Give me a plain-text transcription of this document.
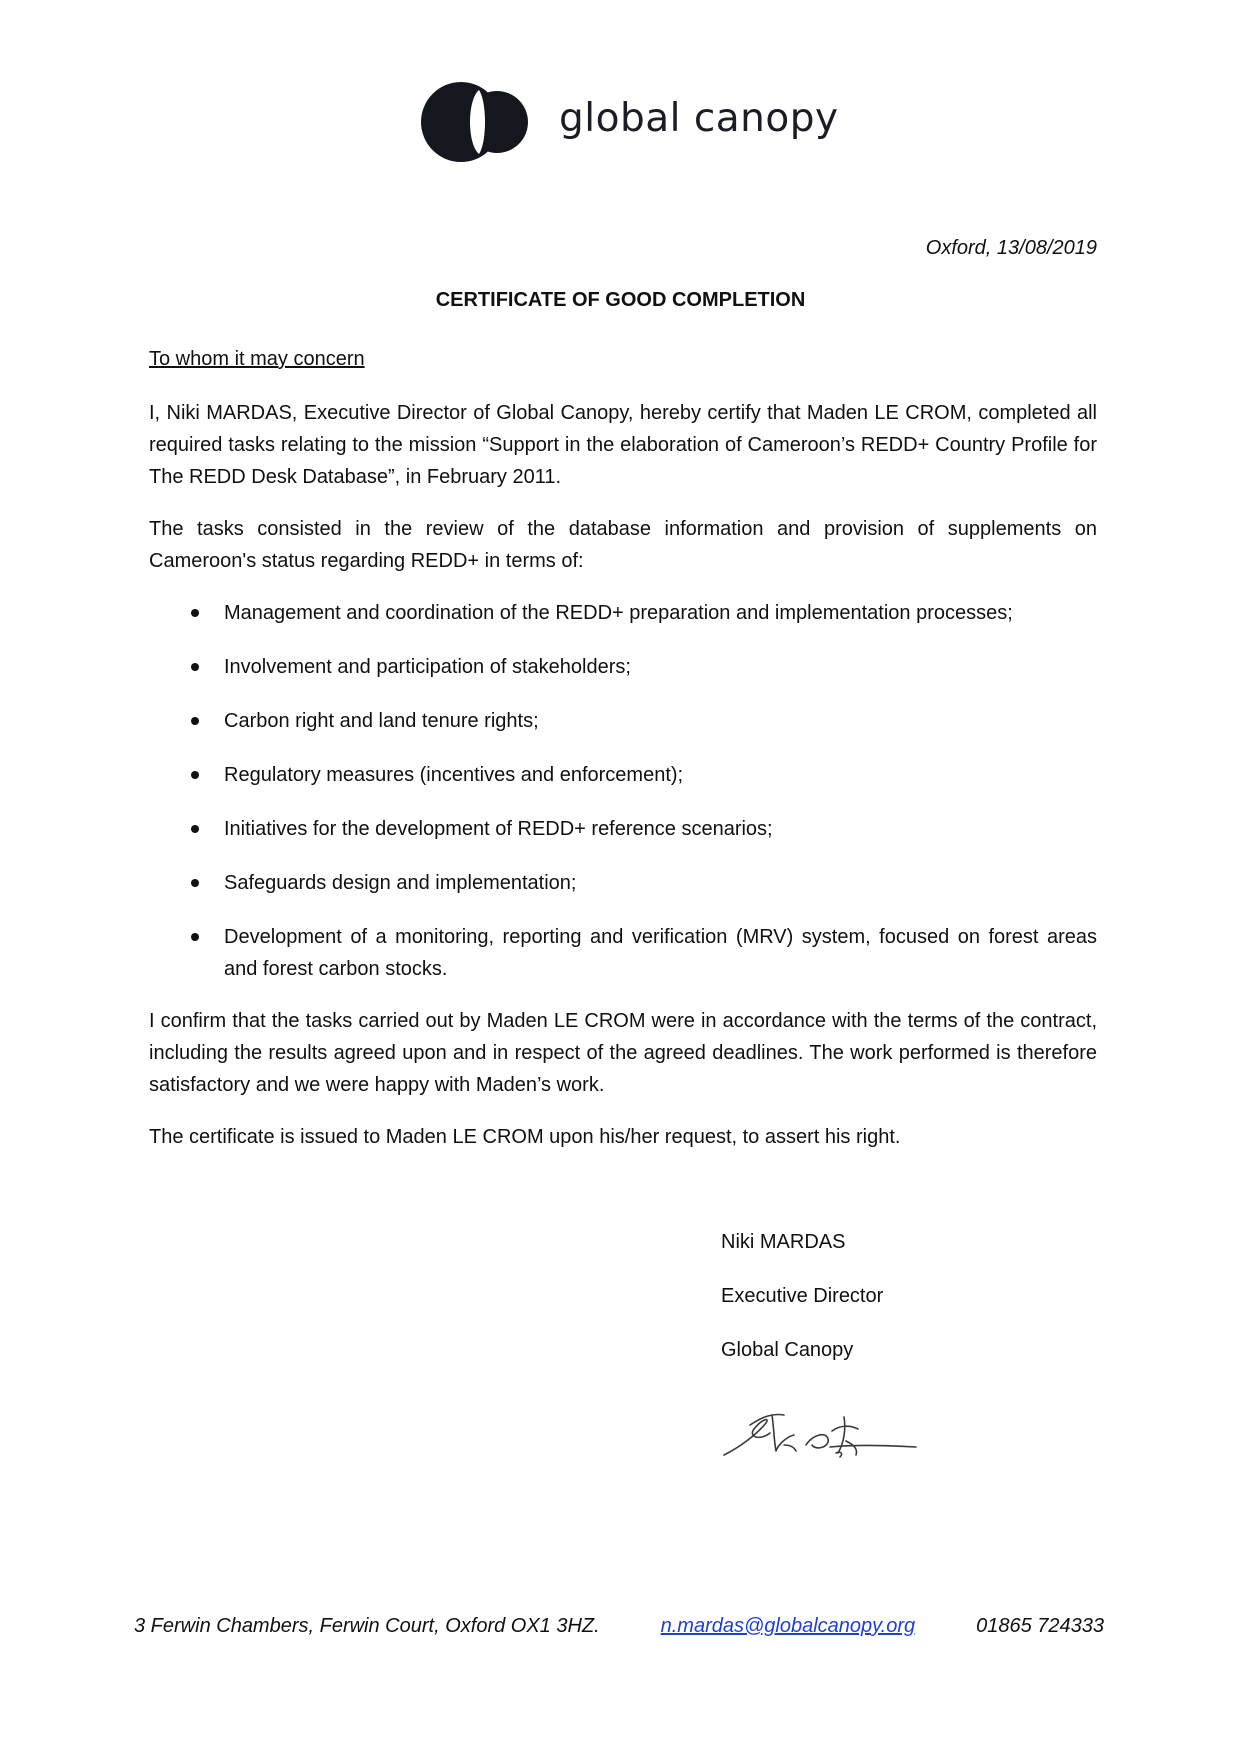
global canopy
Oxford, 13/08/2019
CERTIFICATE OF GOOD COMPLETION
To whom it may concern
I, Niki MARDAS, Executive Director of Global Canopy, hereby certify that Maden LE CROM, completed all required tasks relating to the mission “Support in the elaboration of Cameroon’s REDD+ Country Profile for The REDD Desk Database”, in February 2011.
The tasks consisted in the review of the database information and provision of supplements on Cameroon's status regarding REDD+ in terms of:
Management and coordination of the REDD+ preparation and implementation processes;
Involvement and participation of stakeholders;
Carbon right and land tenure rights;
Regulatory measures (incentives and enforcement);
Initiatives for the development of REDD+ reference scenarios;
Safeguards design and implementation;
Development of a monitoring, reporting and verification (MRV) system, focused on forest areas and forest carbon stocks.
I confirm that the tasks carried out by Maden LE CROM were in accordance with the terms of the contract, including the results agreed upon and in respect of the agreed deadlines. The work performed is therefore satisfactory and we were happy with Maden’s work.
The certificate is issued to Maden LE CROM upon his/her request, to assert his right.
Niki MARDAS
Executive Director
Global Canopy
3 Ferwin Chambers, Ferwin Court, Oxford OX1 3HZ.	n.mardas@globalcanopy.org	01865 724333
